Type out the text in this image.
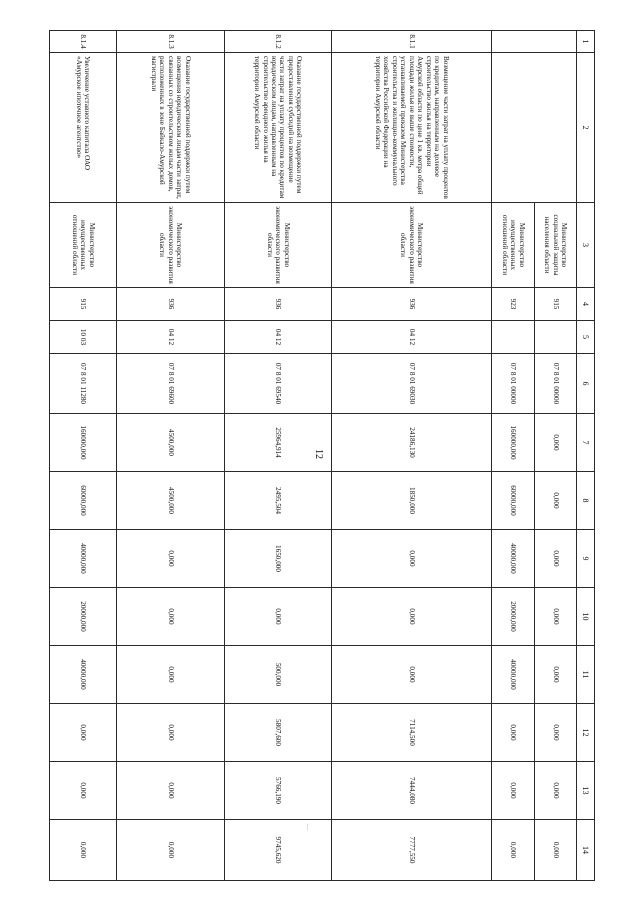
12
---
1	2	3	4	5	6	7	8	9	10	11	12	13	14
		Министерство социальной защиты населения области	915		07 8 01 00000	0,000	0,000	0,000	0,000	0,000	0,000	0,000	0,000
		Министерство имущественных отношений области	923		07 8 01 00000	160000,000	60000,000	40000,000	20000,000	40000,000	0,000	0,000	0,000
8.1.1	Возмещение части затрат на уплату процентов по кредитам, направленным на долевое строительство жилья на территории Амурской области по цене 1 кв. метра общей площади жилья не выше стоимости, устанавливаемой приказом Министерства строительства и жилищно-коммунального хозяйства Российской Федерации на территории Амурской области	Министерство экономического развития области	936	04 12	07 8 01 69030	24186,130	1850,000	0,000	0,000	0,000	7114,500	7444,080	7777,550
8.1.2	Оказание государственной поддержки путем предоставления субсидий на возмещение части затрат на уплату процентов по кредитам юридическим лицам, направленным на строительство арендного жилья на территории Амурской области	Министерство экономического развития области	936	04 12	07 8 01 69540	25964,914	2495,504	1650,000	0,000	500,000	5807,600	5766,190	9745,620
8.1.3	Оказание государственной поддержки путем возмещения юридическим лицам части затрат, связанных со строительством жилых домов, расположенных в зоне Байкало-Амурской магистрали	Министерство экономического развития области	936	04 12	07 8 01 69600	4500,000	4500,000	0,000	0,000	0,000	0,000	0,000	0,000
8.1.4	Увеличение уставного капитала ОАО «Амурское ипотечное агентство»	Министерство имущественных отношений области	915	10 03	07 8 01 11280	160000,000	60000,000	40000,000	20000,000	40000,000	0,000	0,000	0,000
